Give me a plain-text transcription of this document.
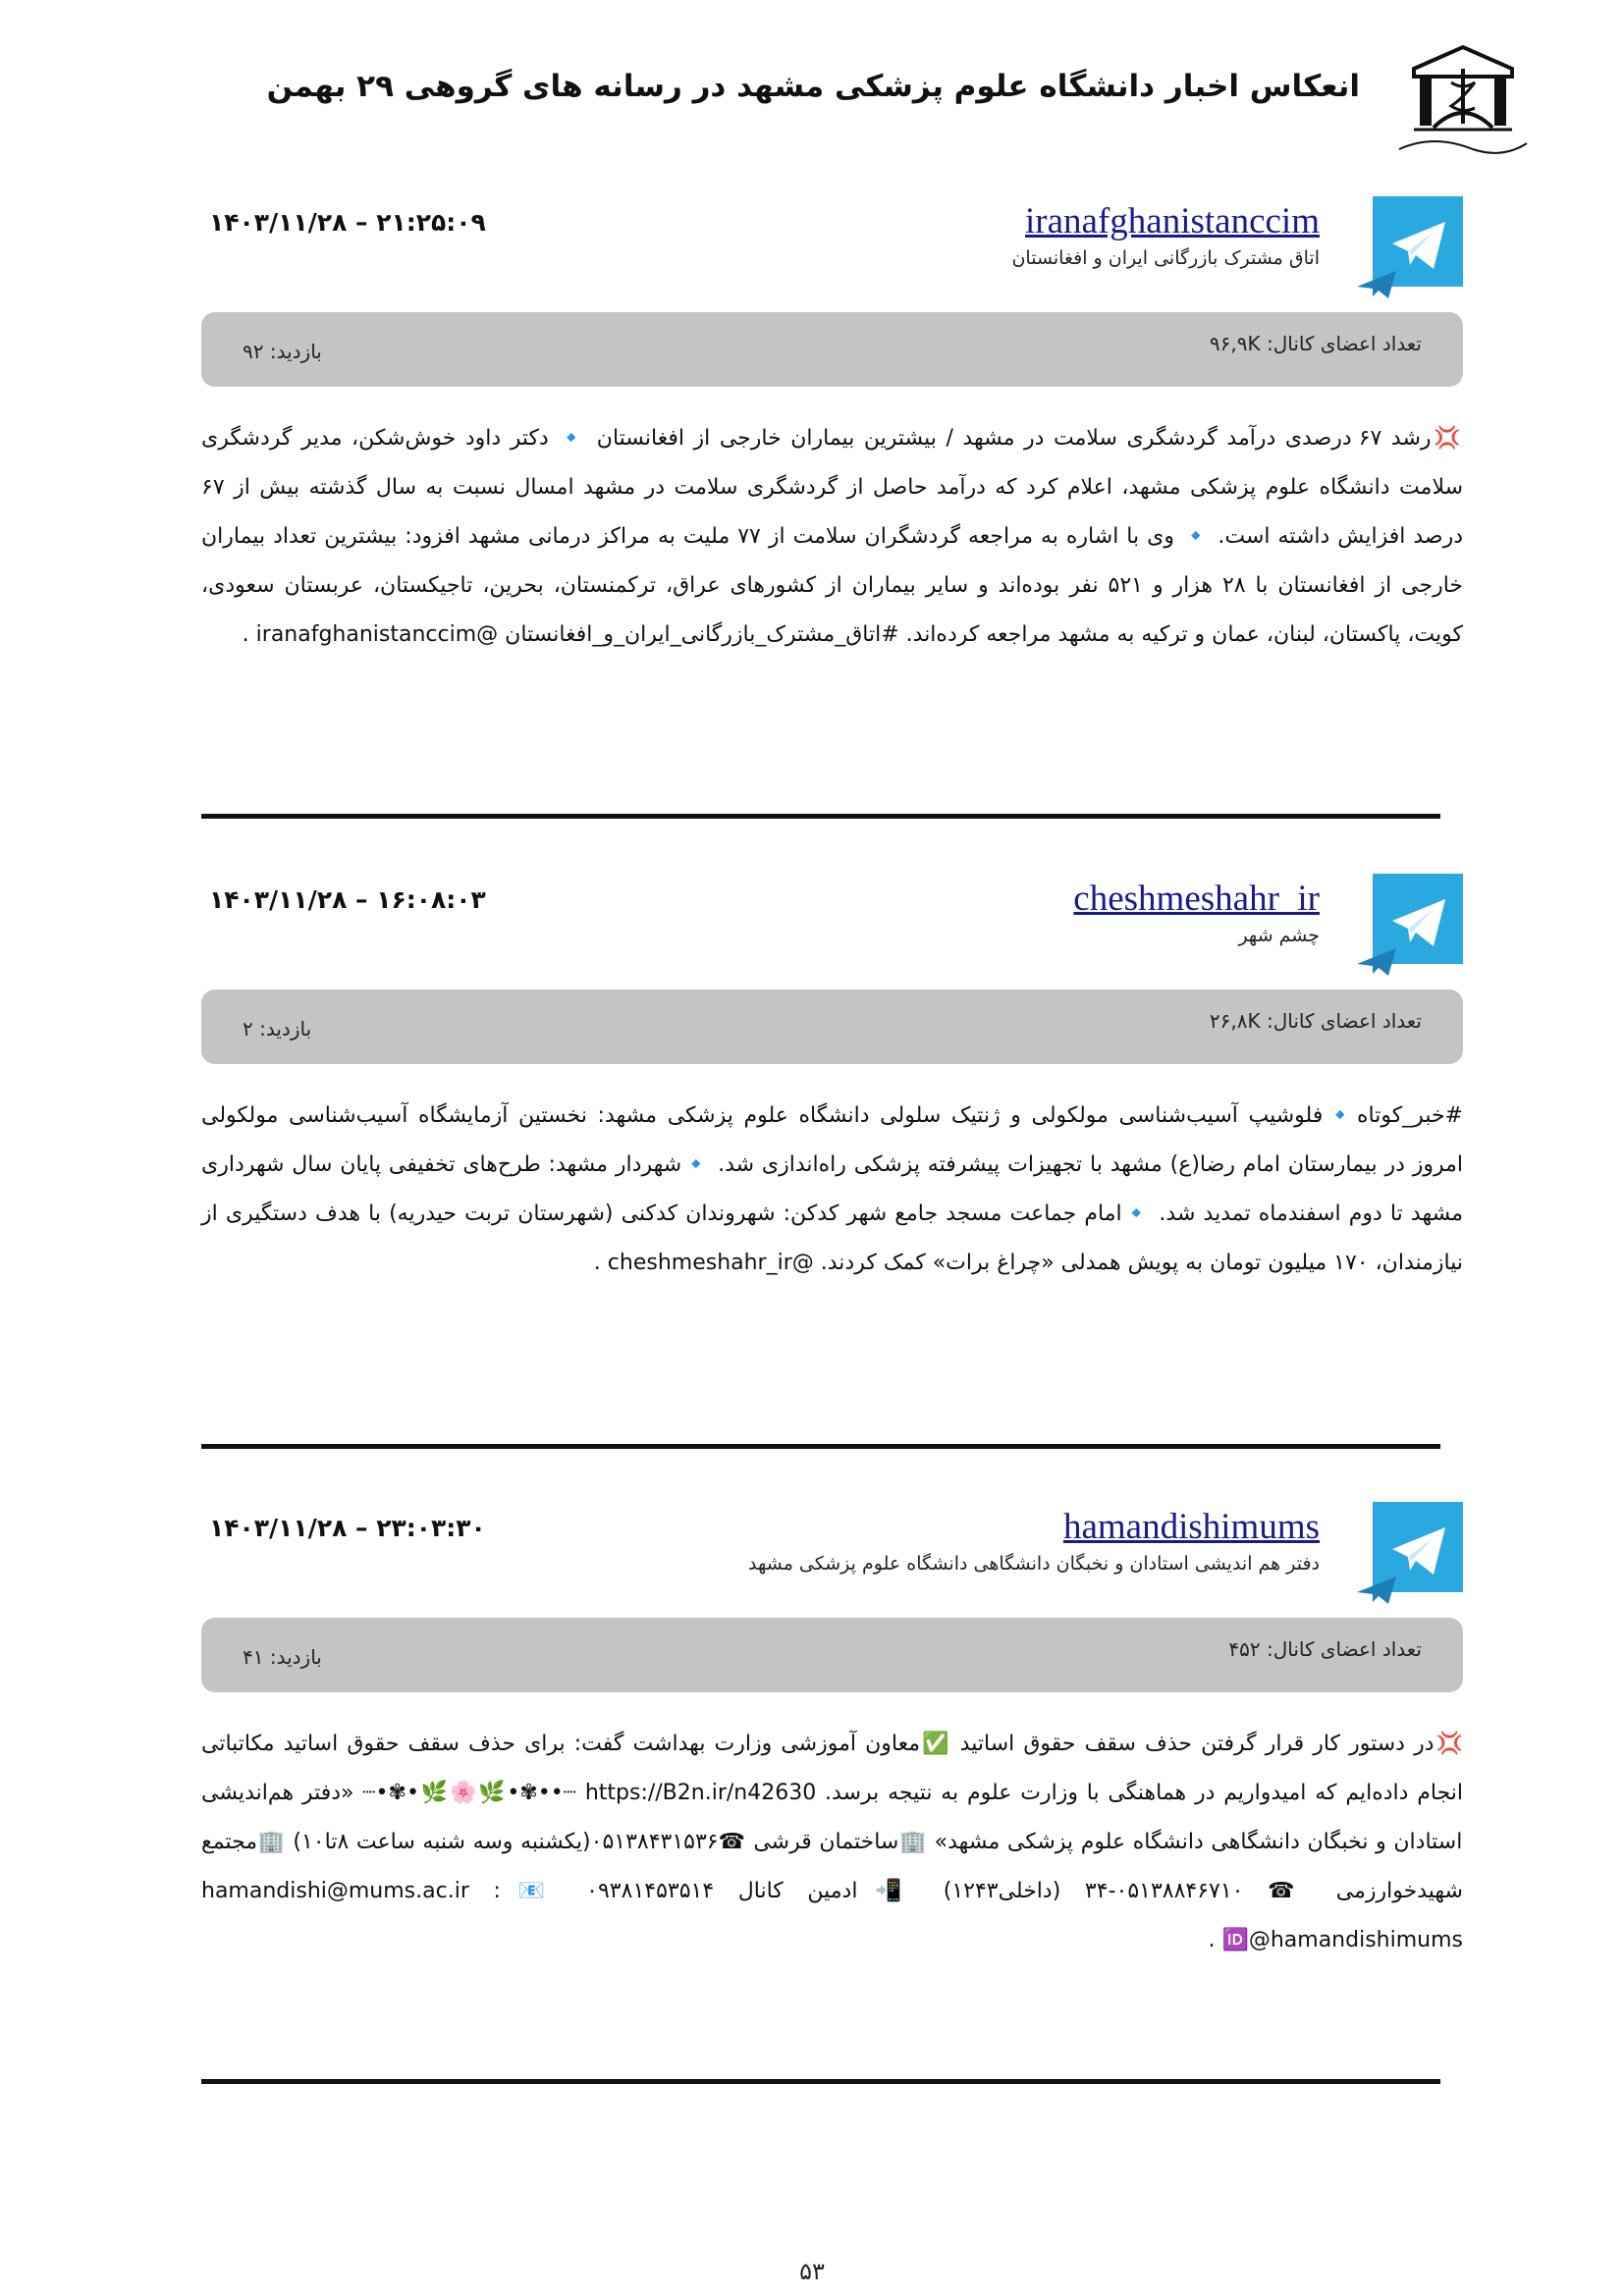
انعکاس اخبار دانشگاه علوم پزشکی مشهد در رسانه های گروهی ۲۹ بهمن
iranafghanistanccim
اتاق مشترک بازرگانی ایران و افغانستان
۱۴۰۳/۱۱/۲۸ – ۲۱:۲۵:۰۹
تعداد اعضای کانال: ۹۶,۹K
بازدید: ۹۲
💢رشد ۶۷ درصدی درآمد گردشگری سلامت در مشهد / بیشترین بیماران خارجی از افغانستان 🔹 دکتر داود خوش‌شکن، مدیر گردشگری سلامت دانشگاه علوم پزشکی مشهد، اعلام کرد که درآمد حاصل از گردشگری سلامت در مشهد امسال نسبت به سال گذشته بیش از ۶۷ درصد افزایش داشته است. 🔹 وی با اشاره به مراجعه گردشگران سلامت از ۷۷ ملیت به مراکز درمانی مشهد افزود: بیشترین تعداد بیماران خارجی از افغانستان با ۲۸ هزار و ۵۲۱ نفر بوده‌اند و سایر بیماران از کشورهای عراق، ترکمنستان، بحرین، تاجیکستان، عربستان سعودی، کویت، پاکستان، لبنان، عمان و ترکیه به مشهد مراجعه کرده‌اند. #اتاق_مشترک_بازرگانی_ایران_و_افغانستان @iranafghanistanccim .
cheshmeshahr_ir
چشم شهر
۱۴۰۳/۱۱/۲۸ – ۱۶:۰۸:۰۳
تعداد اعضای کانال: ۲۶,۸K
بازدید: ۲
#خبر_کوتاه🔹فلوشیپ آسیب‌شناسی مولکولی و ژنتیک سلولی دانشگاه علوم پزشکی مشهد: نخستین آزمایشگاه آسیب‌شناسی مولکولی امروز در بیمارستان امام رضا(ع) مشهد با تجهیزات پیشرفته پزشکی راه‌اندازی شد. 🔹شهردار مشهد: طرح‌های تخفیفی پایان سال شهرداری مشهد تا دوم اسفندماه تمدید شد. 🔹امام جماعت مسجد جامع شهر کدکن: شهروندان کدکنی (شهرستان تربت حیدریه) با هدف دستگیری از نیازمندان، ۱۷۰ میلیون تومان به پویش همدلی «چراغ برات» کمک کردند. @cheshmeshahr_ir .
hamandishimums
دفتر هم اندیشی استادان و نخبگان دانشگاهی دانشگاه علوم پزشکی مشهد
۱۴۰۳/۱۱/۲۸ – ۲۳:۰۳:۳۰
تعداد اعضای کانال: ۴۵۲
بازدید: ۴۱
💢در دستور کار قرار گرفتن حذف سقف حقوق اساتید ✅معاون آموزشی وزارت بهداشت گفت: برای حذف سقف حقوق اساتید مکاتباتی انجام داده‌ایم که امیدواریم در هماهنگی با وزارت علوم به نتیجه برسد. https://B2n.ir/n42630 ┈••✾•🌿🌸🌿•✾•┈ «دفتر هم‌اندیشی استادان و نخبگان دانشگاهی دانشگاه علوم پزشکی مشهد» 🏢ساختمان قرشی ☎۰۵۱۳۸۴۳۱۵۳۶(یکشنبه وسه شنبه ساعت ۸تا۱۰) 🏢مجتمع شهیدخوارزمی ☎ ۰۵۱۳۸۸۴۶۷۱۰-۳۴ (داخلی۱۲۴۳) 📲ادمین کانال ۰۹۳۸۱۴۵۳۵۱۴ 📧: hamandishi@mums.ac.ir 🆔@hamandishimums .
۵۳
